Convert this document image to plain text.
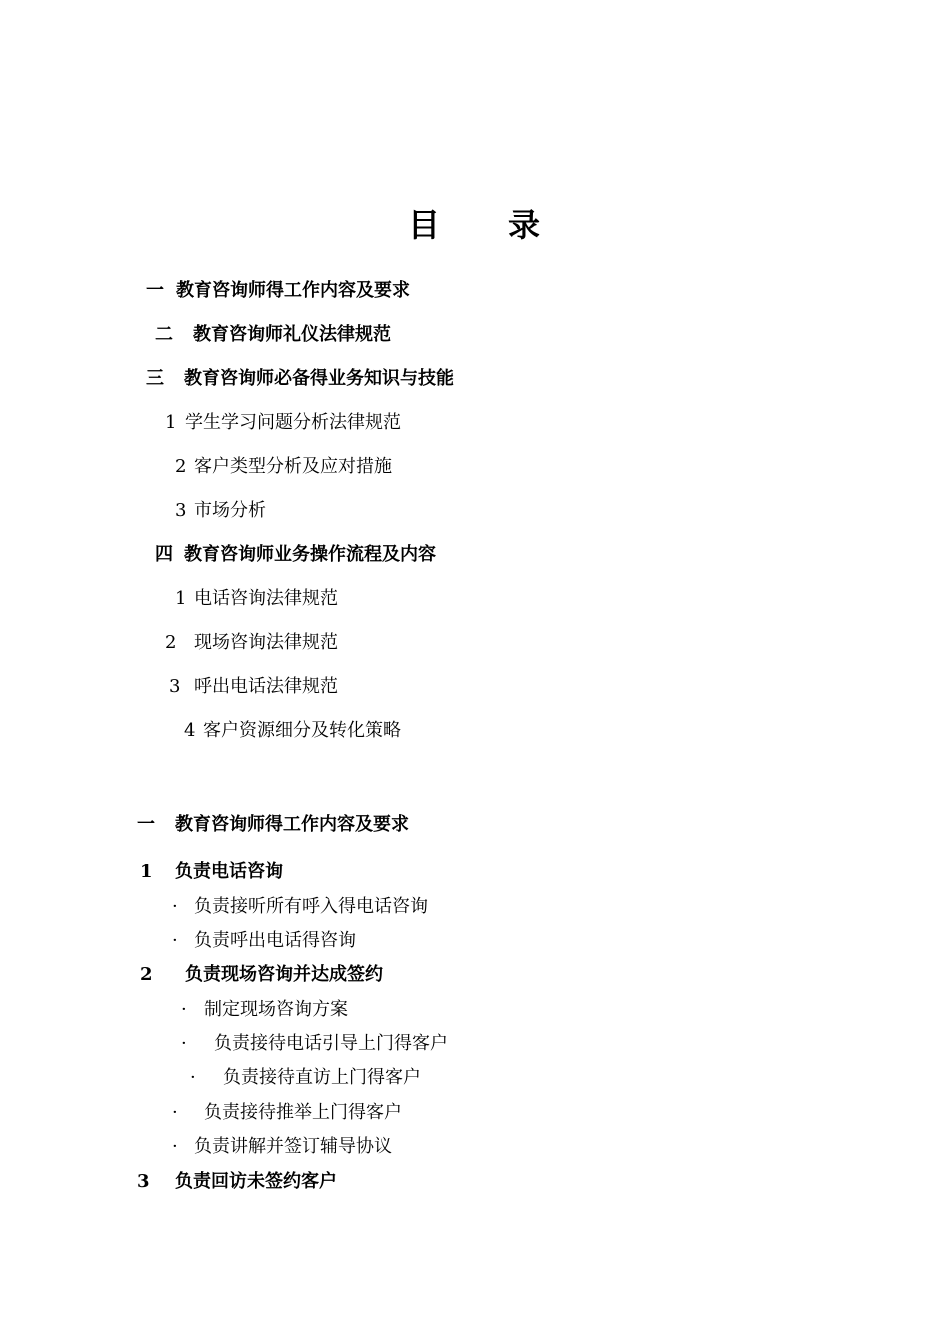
目 录
一 教育咨询师得工作内容及要求
二 教育咨询师礼仪法律规范
三 教育咨询师必备得业务知识与技能
1 学生学习问题分析法律规范
2 客户类型分析及应对措施
3 市场分析
四 教育咨询师业务操作流程及内容
1 电话咨询法律规范
2 现场咨询法律规范
3 呼出电话法律规范
4 客户资源细分及转化策略
一 教育咨询师得工作内容及要求
1 负责电话咨询
· 负责接听所有呼入得电话咨询
· 负责呼出电话得咨询
2 负责现场咨询并达成签约
· 制定现场咨询方案
· 负责接待电话引导上门得客户
· 负责接待直访上门得客户
· 负责接待推举上门得客户
· 负责讲解并签订辅导协议
3 负责回访未签约客户
